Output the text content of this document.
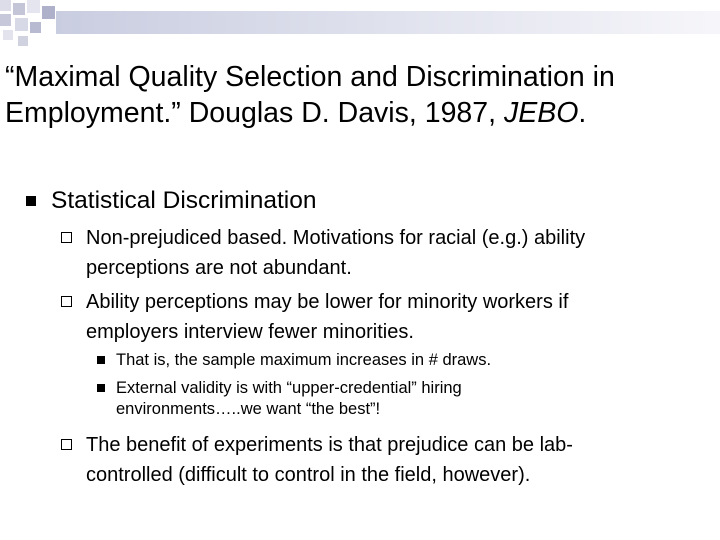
“Maximal Quality Selection and Discrimination in
Employment.” Douglas D. Davis, 1987, JEBO.
Statistical Discrimination
Non-prejudiced based. Motivations for racial (e.g.) ability
perceptions are not abundant.
Ability perceptions may be lower for minority workers if
employers interview fewer minorities.
That is, the sample maximum increases in # draws.
External validity is with “upper-credential” hiring
environments…..we want “the best”!
The benefit of experiments is that prejudice can be lab-
controlled (difficult to control in the field, however).
